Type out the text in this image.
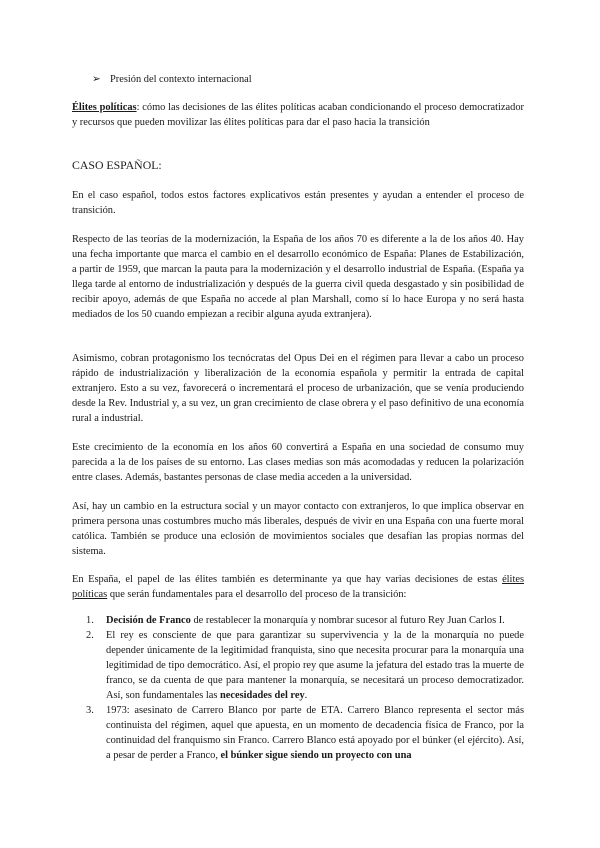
➢ Presión del contexto internacional

Élites políticas: cómo las decisiones de las élites políticas acaban condicionando el proceso democratizador y recursos que pueden movilizar las élites políticas para dar el paso hacia la transición

CASO ESPAÑOL:

En el caso español, todos estos factores explicativos están presentes y ayudan a entender el proceso de transición.

Respecto de las teorías de la modernización, la España de los años 70 es diferente a la de los años 40. Hay una fecha importante que marca el cambio en el desarrollo económico de España: Planes de Estabilización, a partir de 1959, que marcan la pauta para la modernización y el desarrollo industrial de España. (España ya llega tarde al entorno de industrialización y después de la guerra civil queda desgastado y sin posibilidad de recibir apoyo, además de que España no accede al plan Marshall, como sí lo hace Europa y no será hasta mediados de los 50 cuando empiezan a recibir alguna ayuda extranjera).

Asimismo, cobran protagonismo los tecnócratas del Opus Dei en el régimen para llevar a cabo un proceso rápido de industrialización y liberalización de la economía española y permitir la entrada de capital extranjero. Esto a su vez, favorecerá o incrementará el proceso de urbanización, que se venía produciendo desde la Rev. Industrial y, a su vez, un gran crecimiento de clase obrera y el paso definitivo de una economía rural a industrial.

Este crecimiento de la economía en los años 60 convertirá a España en una sociedad de consumo muy parecida a la de los países de su entorno. Las clases medias son más acomodadas y reducen la polarización entre clases. Además, bastantes personas de clase media acceden a la universidad.

Así, hay un cambio en la estructura social y un mayor contacto con extranjeros, lo que implica observar en primera persona unas costumbres mucho más liberales, después de vivir en una España con una fuerte moral católica. También se produce una eclosión de movimientos sociales que desafían las propias normas del sistema.

En España, el papel de las élites también es determinante ya que hay varias decisiones de estas élites políticas que serán fundamentales para el desarrollo del proceso de la transición:

1. Decisión de Franco de restablecer la monarquía y nombrar sucesor al futuro Rey Juan Carlos I.
2. El rey es consciente de que para garantizar su supervivencia y la de la monarquía no puede depender únicamente de la legitimidad franquista, sino que necesita procurar para la monarquía una legitimidad de tipo democrático. Así, el propio rey que asume la jefatura del estado tras la muerte de franco, se da cuenta de que para mantener la monarquía, se necesitará un proceso democratizador. Así, son fundamentales las necesidades del rey.
3. 1973: asesinato de Carrero Blanco por parte de ETA. Carrero Blanco representa el sector más continuista del régimen, aquel que apuesta, en un momento de decadencia física de Franco, por la continuidad del franquismo sin Franco. Carrero Blanco está apoyado por el búnker (el ejército). Así, a pesar de perder a Franco, el búnker sigue siendo un proyecto con una
